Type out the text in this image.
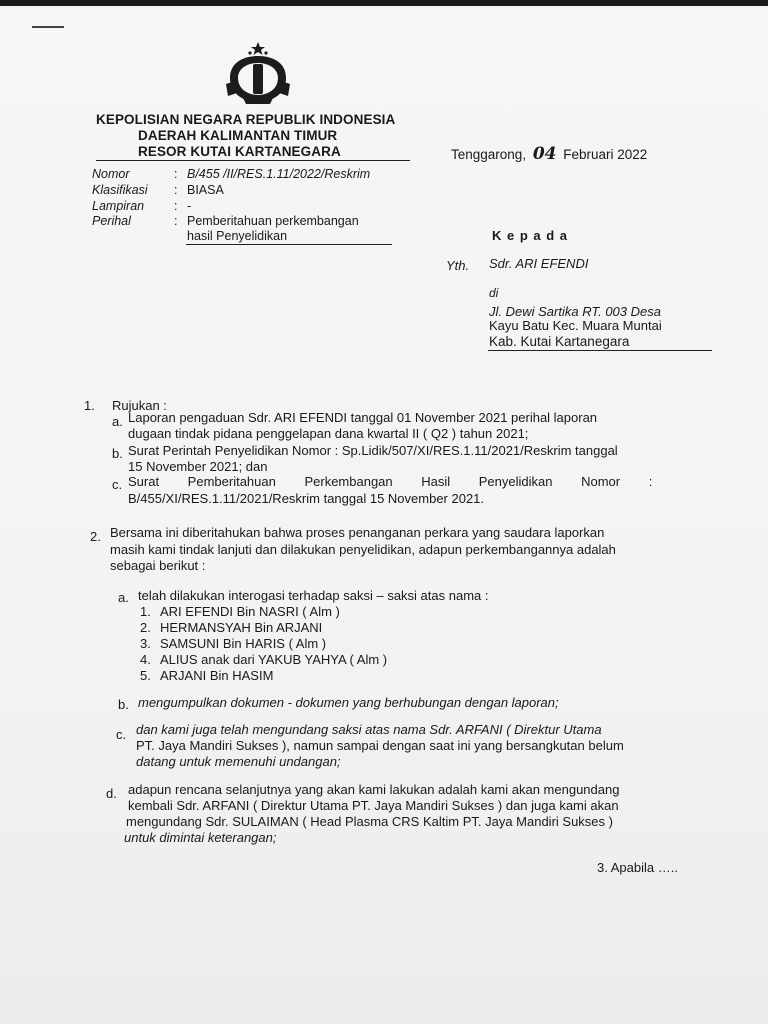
KEPOLISIAN NEGARA REPUBLIK INDONESIA
DAERAH KALIMANTAN TIMUR
RESOR KUTAI KARTANEGARA	Tenggarong, 04 Februari 2022
Nomor	: B/455 /II/RES.1.11/2022/Reskrim
Klasifikasi : BIASA
Lampiran : -
Perihal	: Pemberitahuan perkembangan
hasil Penyelidikan	K e p a d a
Yth. Sdr. ARI EFENDI
di
Jl. Dewi Sartika RT. 003 Desa
Kayu Batu Kec. Muara Muntai
Kab. Kutai Kartanegara
1. Rujukan :
a. Laporan pengaduan Sdr. ARI EFENDI tanggal 01 November 2021 perihal laporan
dugaan tindak pidana penggelapan dana kwartal II ( Q2 ) tahun 2021;
b. Surat Perintah Penyelidikan Nomor : Sp.Lidik/507/XI/RES.1.11/2021/Reskrim tanggal
15 November 2021; dan
c. Surat Pemberitahuan Perkembangan Hasil Penyelidikan Nomor :
B/455/XI/RES.1.11/2021/Reskrim tanggal 15 November 2021.
2. Bersama ini diberitahukan bahwa proses penanganan perkara yang saudara laporkan
masih kami tindak lanjuti dan dilakukan penyelidikan, adapun perkembangannya adalah
sebagai berikut :
a. telah dilakukan interogasi terhadap saksi – saksi atas nama :
1. ARI EFENDI Bin NASRI ( Alm )
2. HERMANSYAH Bin ARJANI
3. SAMSUNI Bin HARIS ( Alm )
4. ALIUS anak dari YAKUB YAHYA ( Alm )
5. ARJANI Bin HASIM
b. mengumpulkan dokumen - dokumen yang berhubungan dengan laporan;
c. dan kami juga telah mengundang saksi atas nama Sdr. ARFANI ( Direktur Utama
PT. Jaya Mandiri Sukses ), namun sampai dengan saat ini yang bersangkutan belum
datang untuk memenuhi undangan;
d. adapun rencana selanjutnya yang akan kami lakukan adalah kami akan mengundang
kembali Sdr. ARFANI ( Direktur Utama PT. Jaya Mandiri Sukses ) dan juga kami akan
mengundang Sdr. SULAIMAN ( Head Plasma CRS Kaltim PT. Jaya Mandiri Sukses )
untuk dimintai keterangan;
3. Apabila …..
